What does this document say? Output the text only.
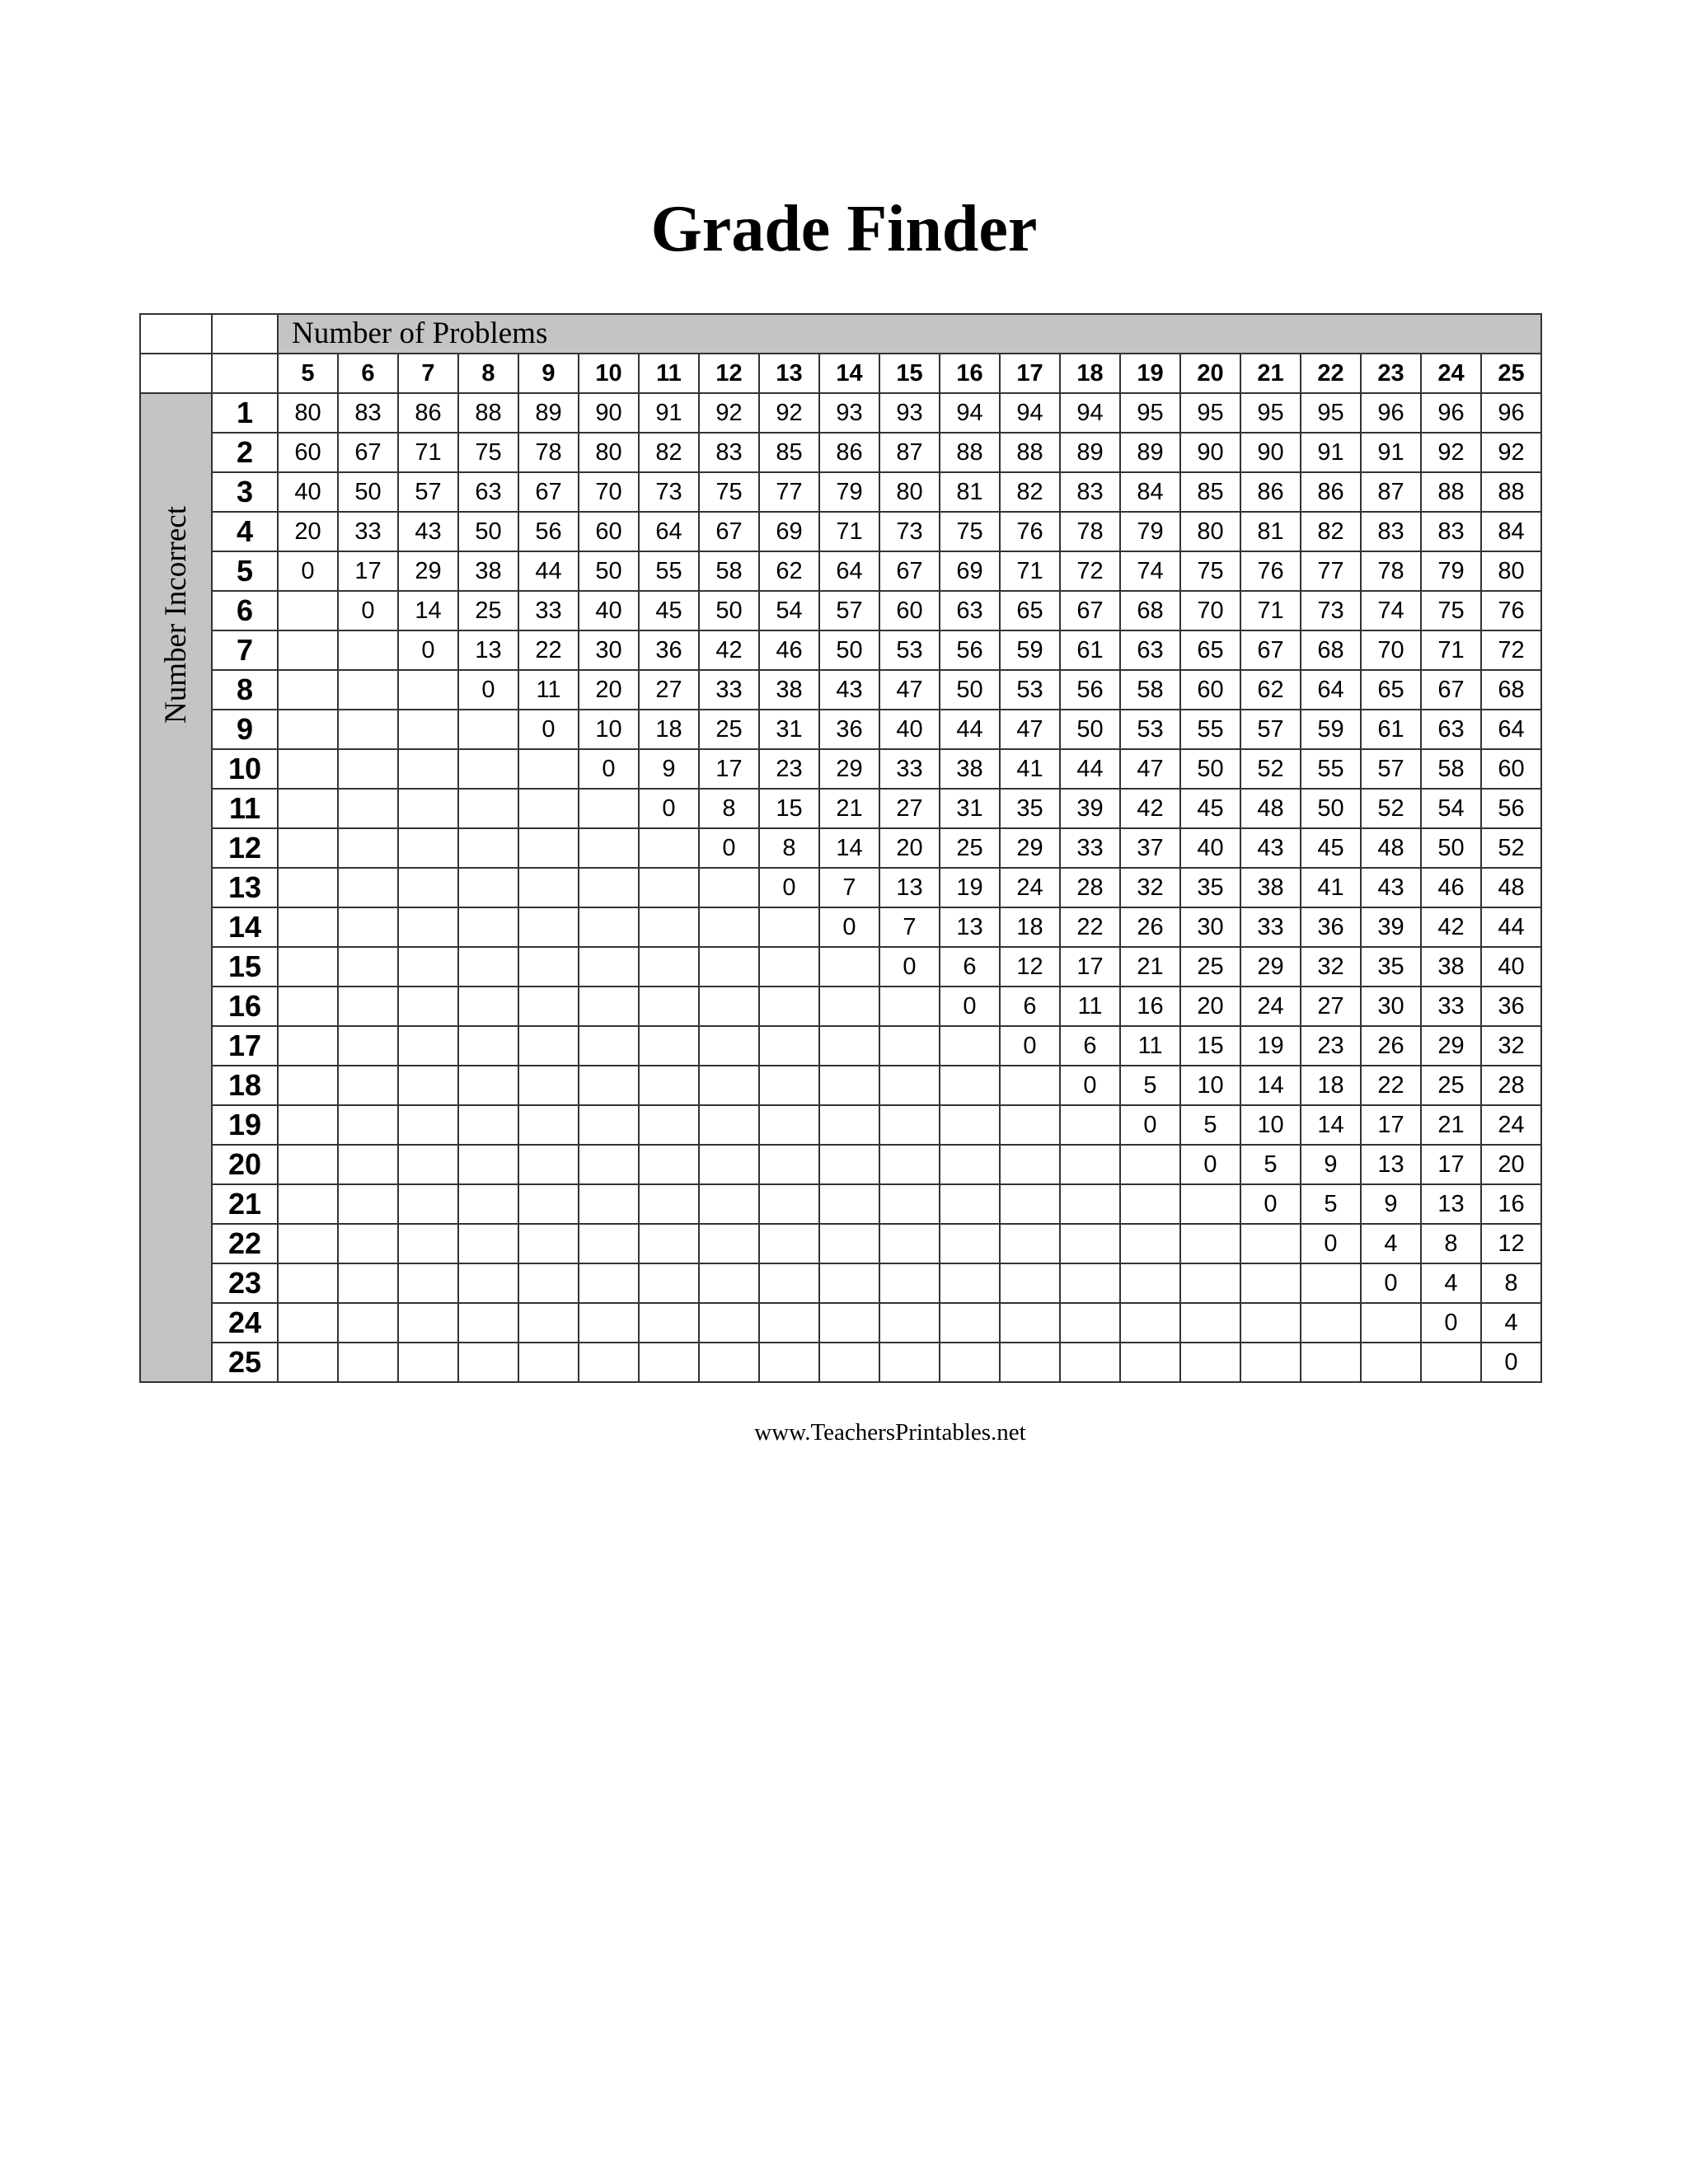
Grade Finder
		Number of Problems																				
		5	6	7	8	9	10	11	12	13	14	15	16	17	18	19	20	21	22	23	24	25

Number Incorrect	1	80	83	86	88	89	90	91	92	92	93	93	94	94	94	95	95	95	95	96	96	96
	2	60	67	71	75	78	80	82	83	85	86	87	88	88	89	89	90	90	91	91	92	92
	3	40	50	57	63	67	70	73	75	77	79	80	81	82	83	84	85	86	86	87	88	88
	4	20	33	43	50	56	60	64	67	69	71	73	75	76	78	79	80	81	82	83	83	84
	5	0	17	29	38	44	50	55	58	62	64	67	69	71	72	74	75	76	77	78	79	80
	6		0	14	25	33	40	45	50	54	57	60	63	65	67	68	70	71	73	74	75	76
	7			0	13	22	30	36	42	46	50	53	56	59	61	63	65	67	68	70	71	72
	8				0	11	20	27	33	38	43	47	50	53	56	58	60	62	64	65	67	68
	9					0	10	18	25	31	36	40	44	47	50	53	55	57	59	61	63	64
	10						0	9	17	23	29	33	38	41	44	47	50	52	55	57	58	60
	11							0	8	15	21	27	31	35	39	42	45	48	50	52	54	56
	12								0	8	14	20	25	29	33	37	40	43	45	48	50	52
	13									0	7	13	19	24	28	32	35	38	41	43	46	48
	14										0	7	13	18	22	26	30	33	36	39	42	44
	15											0	6	12	17	21	25	29	32	35	38	40
	16												0	6	11	16	20	24	27	30	33	36
	17													0	6	11	15	19	23	26	29	32
	18														0	5	10	14	18	22	25	28
	19															0	5	10	14	17	21	24
	20																0	5	9	13	17	20
	21																	0	5	9	13	16
	22																		0	4	8	12
	23																			0	4	8
	24																				0	4
	25																					0
www.TeachersPrintables.net
